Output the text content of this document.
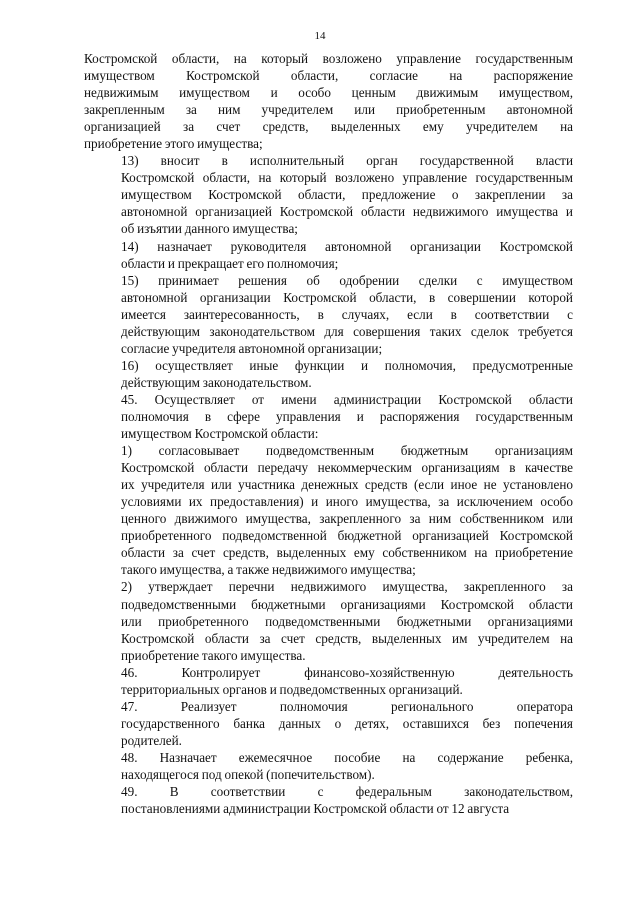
14

Костромской области, на который возложено управление государственным
имуществом Костромской области, согласие на распоряжение
недвижимым имуществом и особо ценным движимым имуществом,
закрепленным за ним учредителем или приобретенным автономной
организацией за счет средств, выделенных ему учредителем на
приобретение этого имущества;

13) вносит в исполнительный орган государственной власти
Костромской области, на который возложено управление государственным
имуществом Костромской области, предложение о закреплении за
автономной организацией Костромской области недвижимого имущества и
об изъятии данного имущества;

14) назначает руководителя автономной организации Костромской
области и прекращает его полномочия;

15) принимает решения об одобрении сделки с имуществом
автономной организации Костромской области, в совершении которой
имеется заинтересованность, в случаях, если в соответствии с
действующим законодательством для совершения таких сделок требуется
согласие учредителя автономной организации;

16) осуществляет иные функции и полномочия, предусмотренные
действующим законодательством.

45. Осуществляет от имени администрации Костромской области
полномочия в сфере управления и распоряжения государственным
имуществом Костромской области:

1) согласовывает подведомственным бюджетным организациям
Костромской области передачу некоммерческим организациям в качестве
их учредителя или участника денежных средств (если иное не установлено
условиями их предоставления) и иного имущества, за исключением особо
ценного движимого имущества, закрепленного за ним собственником или
приобретенного подведомственной бюджетной организацией Костромской
области за счет средств, выделенных ему собственником на приобретение
такого имущества, а также недвижимого имущества;

2) утверждает перечни недвижимого имущества, закрепленного за
подведомственными бюджетными организациями Костромской области
или приобретенного подведомственными бюджетными организациями
Костромской области за счет средств, выделенных им учредителем на
приобретение такого имущества.

46. Контролирует финансово-хозяйственную деятельность
территориальных органов и подведомственных организаций.

47. Реализует полномочия регионального оператора
государственного банка данных о детях, оставшихся без попечения
родителей.

48. Назначает ежемесячное пособие на содержание ребенка,
находящегося под опекой (попечительством).

49. В соответствии с федеральным законодательством,
постановлениями администрации Костромской области от 12 августа
